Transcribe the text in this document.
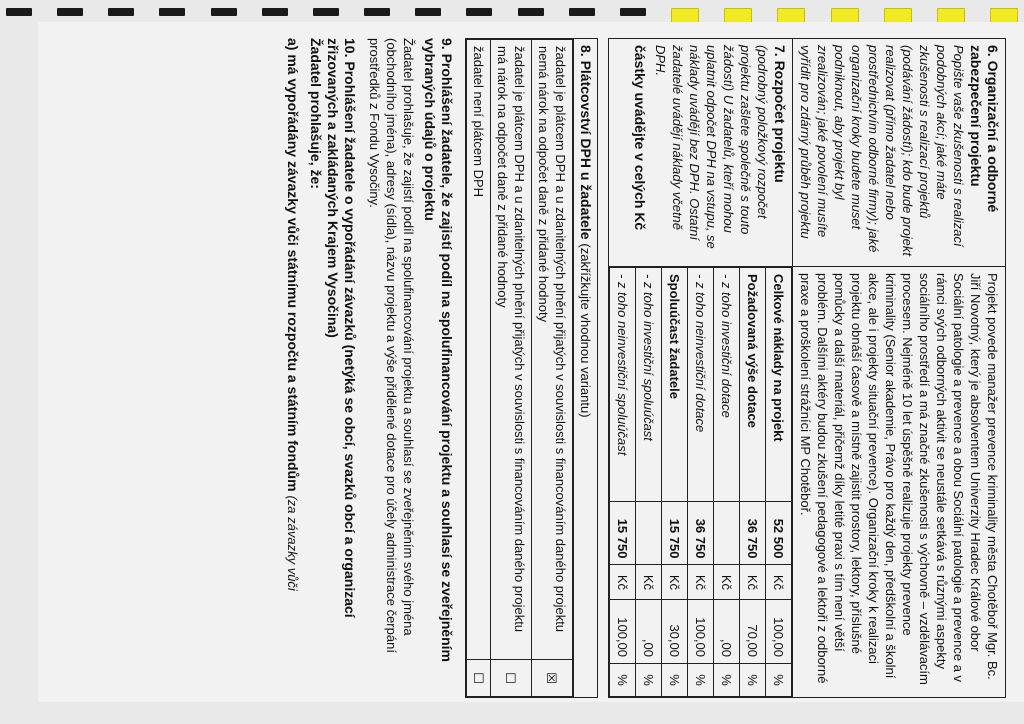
6. Organizační a odborné zabezpečení projektu
Popište vaše zkušenosti s realizací podobných akcí; jaké máte zkušenosti s realizací projektů (podávání žádostí); kdo bude projekt realizovat (přímo žadatel nebo prostřednictvím odborné firmy); jaké organizační kroky budete muset podniknout, aby projekt byl zrealizován; jaké povolení musíte vyřídit pro zdárný průběh projektu
	Projekt povede manažer prevence kriminality města Chotěboř Mgr. Bc. Jiří Novotný, který je absolventem Univerzity Hradec Králové obor Sociální patologie a prevence a obou Sociální patologie a prevence a v rámci svých odborných aktivit se neustále setkává s různými aspekty sociálního prostředí a má značné zkušenosti s výchovně – vzdělávacím procesem. Nejméně 10 let úspěšně realizuje projekty prevence kriminality (Senior akademie, Právo pro každý den, předškolní a školní akce, ale i projekty situační prevence). Organizační kroky k realizaci projektu obnáší časově a místně zajistit prostory, lektory, příslušné pomůcky a další materiál, přičemž díky letité praxi s tím není větší problém. Dalšími aktéry budou zkušení pedagogové a lektoři z odborné praxe a proškolení strážníci MP Chotěboř.

7. Rozpočet projektu
(podrobný položkový rozpočet projektu zašlete společně s touto žádostí) U žadatelů, kteří mohou uplatnit odpočet DPH na vstupu, se náklady uvádějí bez DPH. Ostatní žadatelé uvádějí náklady včetně DPH.
částky uvádějte v celých Kč

Celkové náklady na projekt	52 500	Kč	100,00	%
Požadovaná výše dotace	36 750	Kč	70,00	%
- z toho investiční dotace		Kč	,00	%
- z toho neinvestiční dotace	36 750	Kč	100,00	%
Spoluúčast žadatele	15 750	Kč	30,00	%
- z toho investiční spoluúčast		Kč	,00	%
- z toho neinvestiční spoluúčast	15 750	Kč	100,00	%
8. Plátcovství DPH u žadatele (zakřížkujte vhodnou variantu)
žadatel je plátcem DPH a u zdanitelných plnění přijatých v souvislosti s financováním daného projektu nemá nárok na odpočet daně z přidané hodnoty	☒
žadatel je plátcem DPH a u zdanitelných plnění přijatých v souvislosti s financováním daného projektu má nárok na odpočet daně z přidané hodnoty	☐
žadatel není plátcem DPH	☐
9. Prohlášení žadatele, že zajistí podíl na spolufinancování projektu a souhlasí se zveřejněním vybraných údajů o projektu

Žadatel prohlašuje, že zajistí podíl na spolufinancování projektu a souhlasí se zveřejněním svého jména (obchodního jména), adresy (sídla), názvu projektu a výše přidělené dotace pro účely administrace čerpání prostředků z Fondu Vysočiny.

10. Prohlášení žadatele o vypořádání závazků (netýká se obcí, svazků obcí a organizací zřizovaných a zakládaných Krajem Vysočina)
Žadatel prohlašuje, že:
a) má vypořádány závazky vůči státnímu rozpočtu a státním fondům (za závazky vůči
